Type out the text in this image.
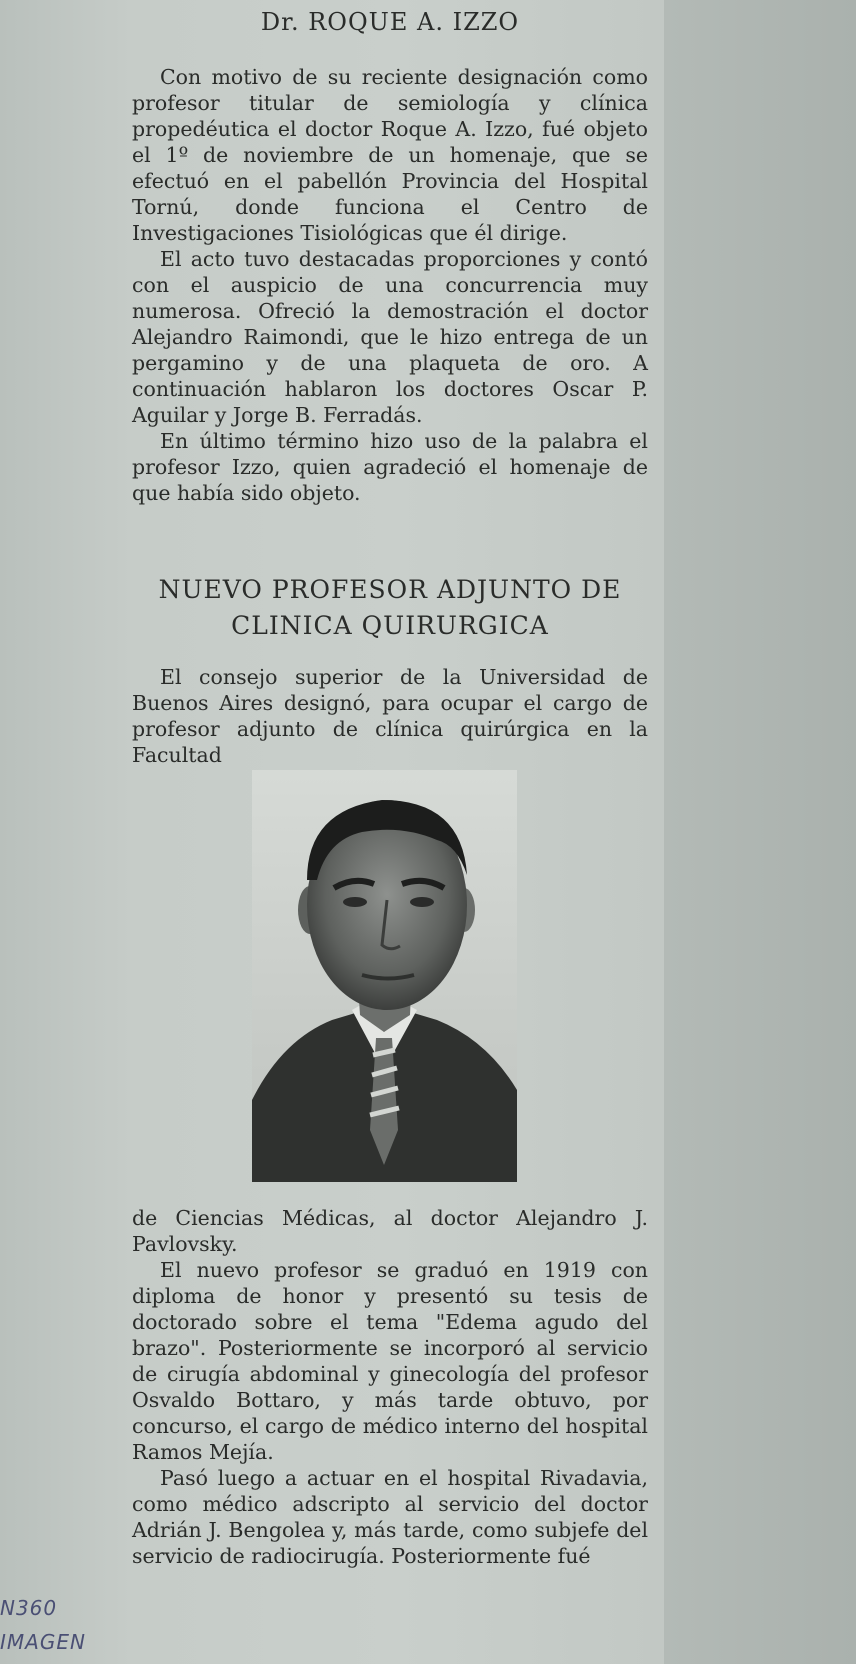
Dr. ROQUE A. IZZO

Con motivo de su reciente designación como profesor titular de semiología y clínica propedéutica el doctor Roque A. Izzo, fué objeto el 1º de noviembre de un homenaje, que se efectuó en el pabellón Provincia del Hospital Tornú, donde funciona el Centro de Investigaciones Tisiológicas que él dirige.

El acto tuvo destacadas proporciones y contó con el auspicio de una concurrencia muy numerosa. Ofreció la demostración el doctor Alejandro Raimondi, que le hizo entrega de un pergamino y de una plaqueta de oro. A continuación hablaron los doctores Oscar P. Aguilar y Jorge B. Ferradás.

En último término hizo uso de la palabra el profesor Izzo, quien agradeció el homenaje de que había sido objeto.

NUEVO PROFESOR ADJUNTO DE
CLINICA QUIRURGICA

El consejo superior de la Universidad de Buenos Aires designó, para ocupar el cargo de profesor adjunto de clínica quirúrgica en la Facultad

de Ciencias Médicas, al doctor Alejandro J. Pavlovsky.

El nuevo profesor se graduó en 1919 con diploma de honor y presentó su tesis de doctorado sobre el tema "Edema agudo del brazo". Posteriormente se incorporó al servicio de cirugía abdominal y ginecología del profesor Osvaldo Bottaro, y más tarde obtuvo, por concurso, el cargo de médico interno del hospital Ramos Mejía.

Pasó luego a actuar en el hospital Rivadavia, como médico adscripto al servicio del doctor Adrián J. Bengolea y, más tarde, como subjefe del servicio de radiocirugía. Posteriormente fué

N360
IMAGEN
